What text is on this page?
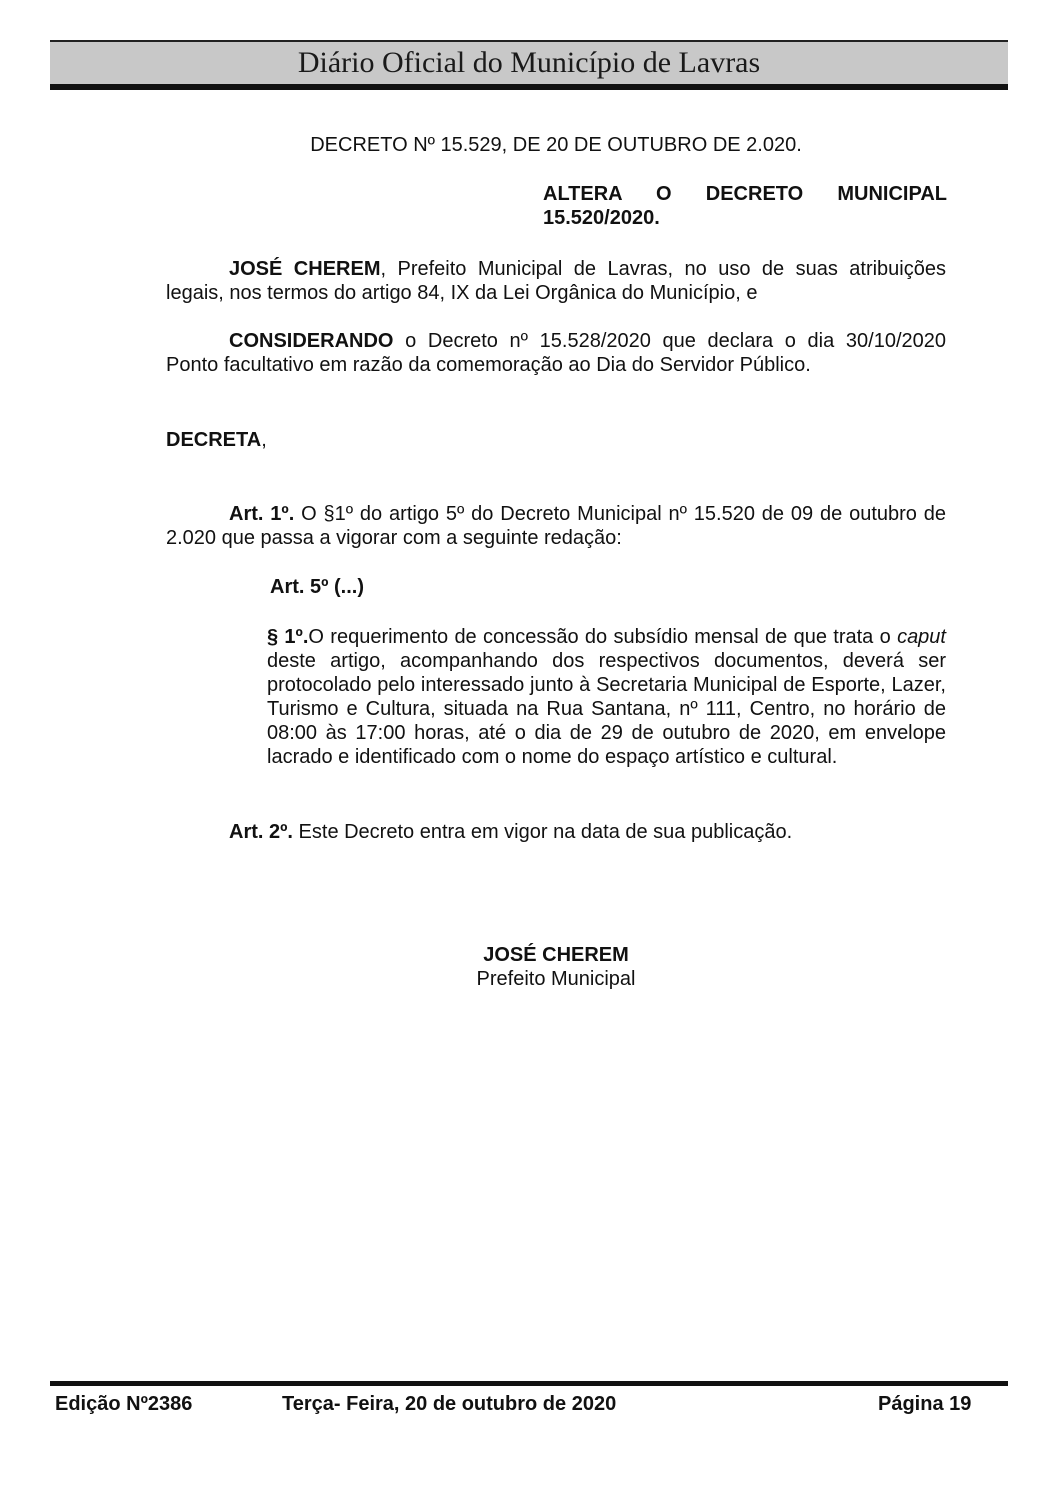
Diário Oficial do Município de Lavras

DECRETO Nº 15.529, DE 20 DE OUTUBRO DE 2.020.

ALTERA O DECRETO MUNICIPAL
15.520/2020.

JOSÉ CHEREM, Prefeito Municipal de Lavras, no uso de suas atribuições legais, nos termos do artigo 84, IX da Lei Orgânica do Município, e

CONSIDERANDO o Decreto nº 15.528/2020 que declara o dia 30/10/2020 Ponto facultativo em razão da comemoração ao Dia do Servidor Público.

DECRETA,

Art. 1º. O §1º do artigo 5º do Decreto Municipal nº 15.520 de 09 de outubro de 2.020 que passa a vigorar com a seguinte redação:

Art. 5º (...)

§ 1º.O requerimento de concessão do subsídio mensal de que trata o caput deste artigo, acompanhando dos respectivos documentos, deverá ser protocolado pelo interessado junto à Secretaria Municipal de Esporte, Lazer, Turismo e Cultura, situada na Rua Santana, nº 111, Centro, no horário de 08:00 às 17:00 horas, até o dia de 29 de outubro de 2020, em envelope lacrado e identificado com o nome do espaço artístico e cultural.

Art. 2º. Este Decreto entra em vigor na data de sua publicação.

JOSÉ CHEREM

Prefeito Municipal

Edição Nº2386	Terça- Feira, 20 de outubro de 2020	Página 19
